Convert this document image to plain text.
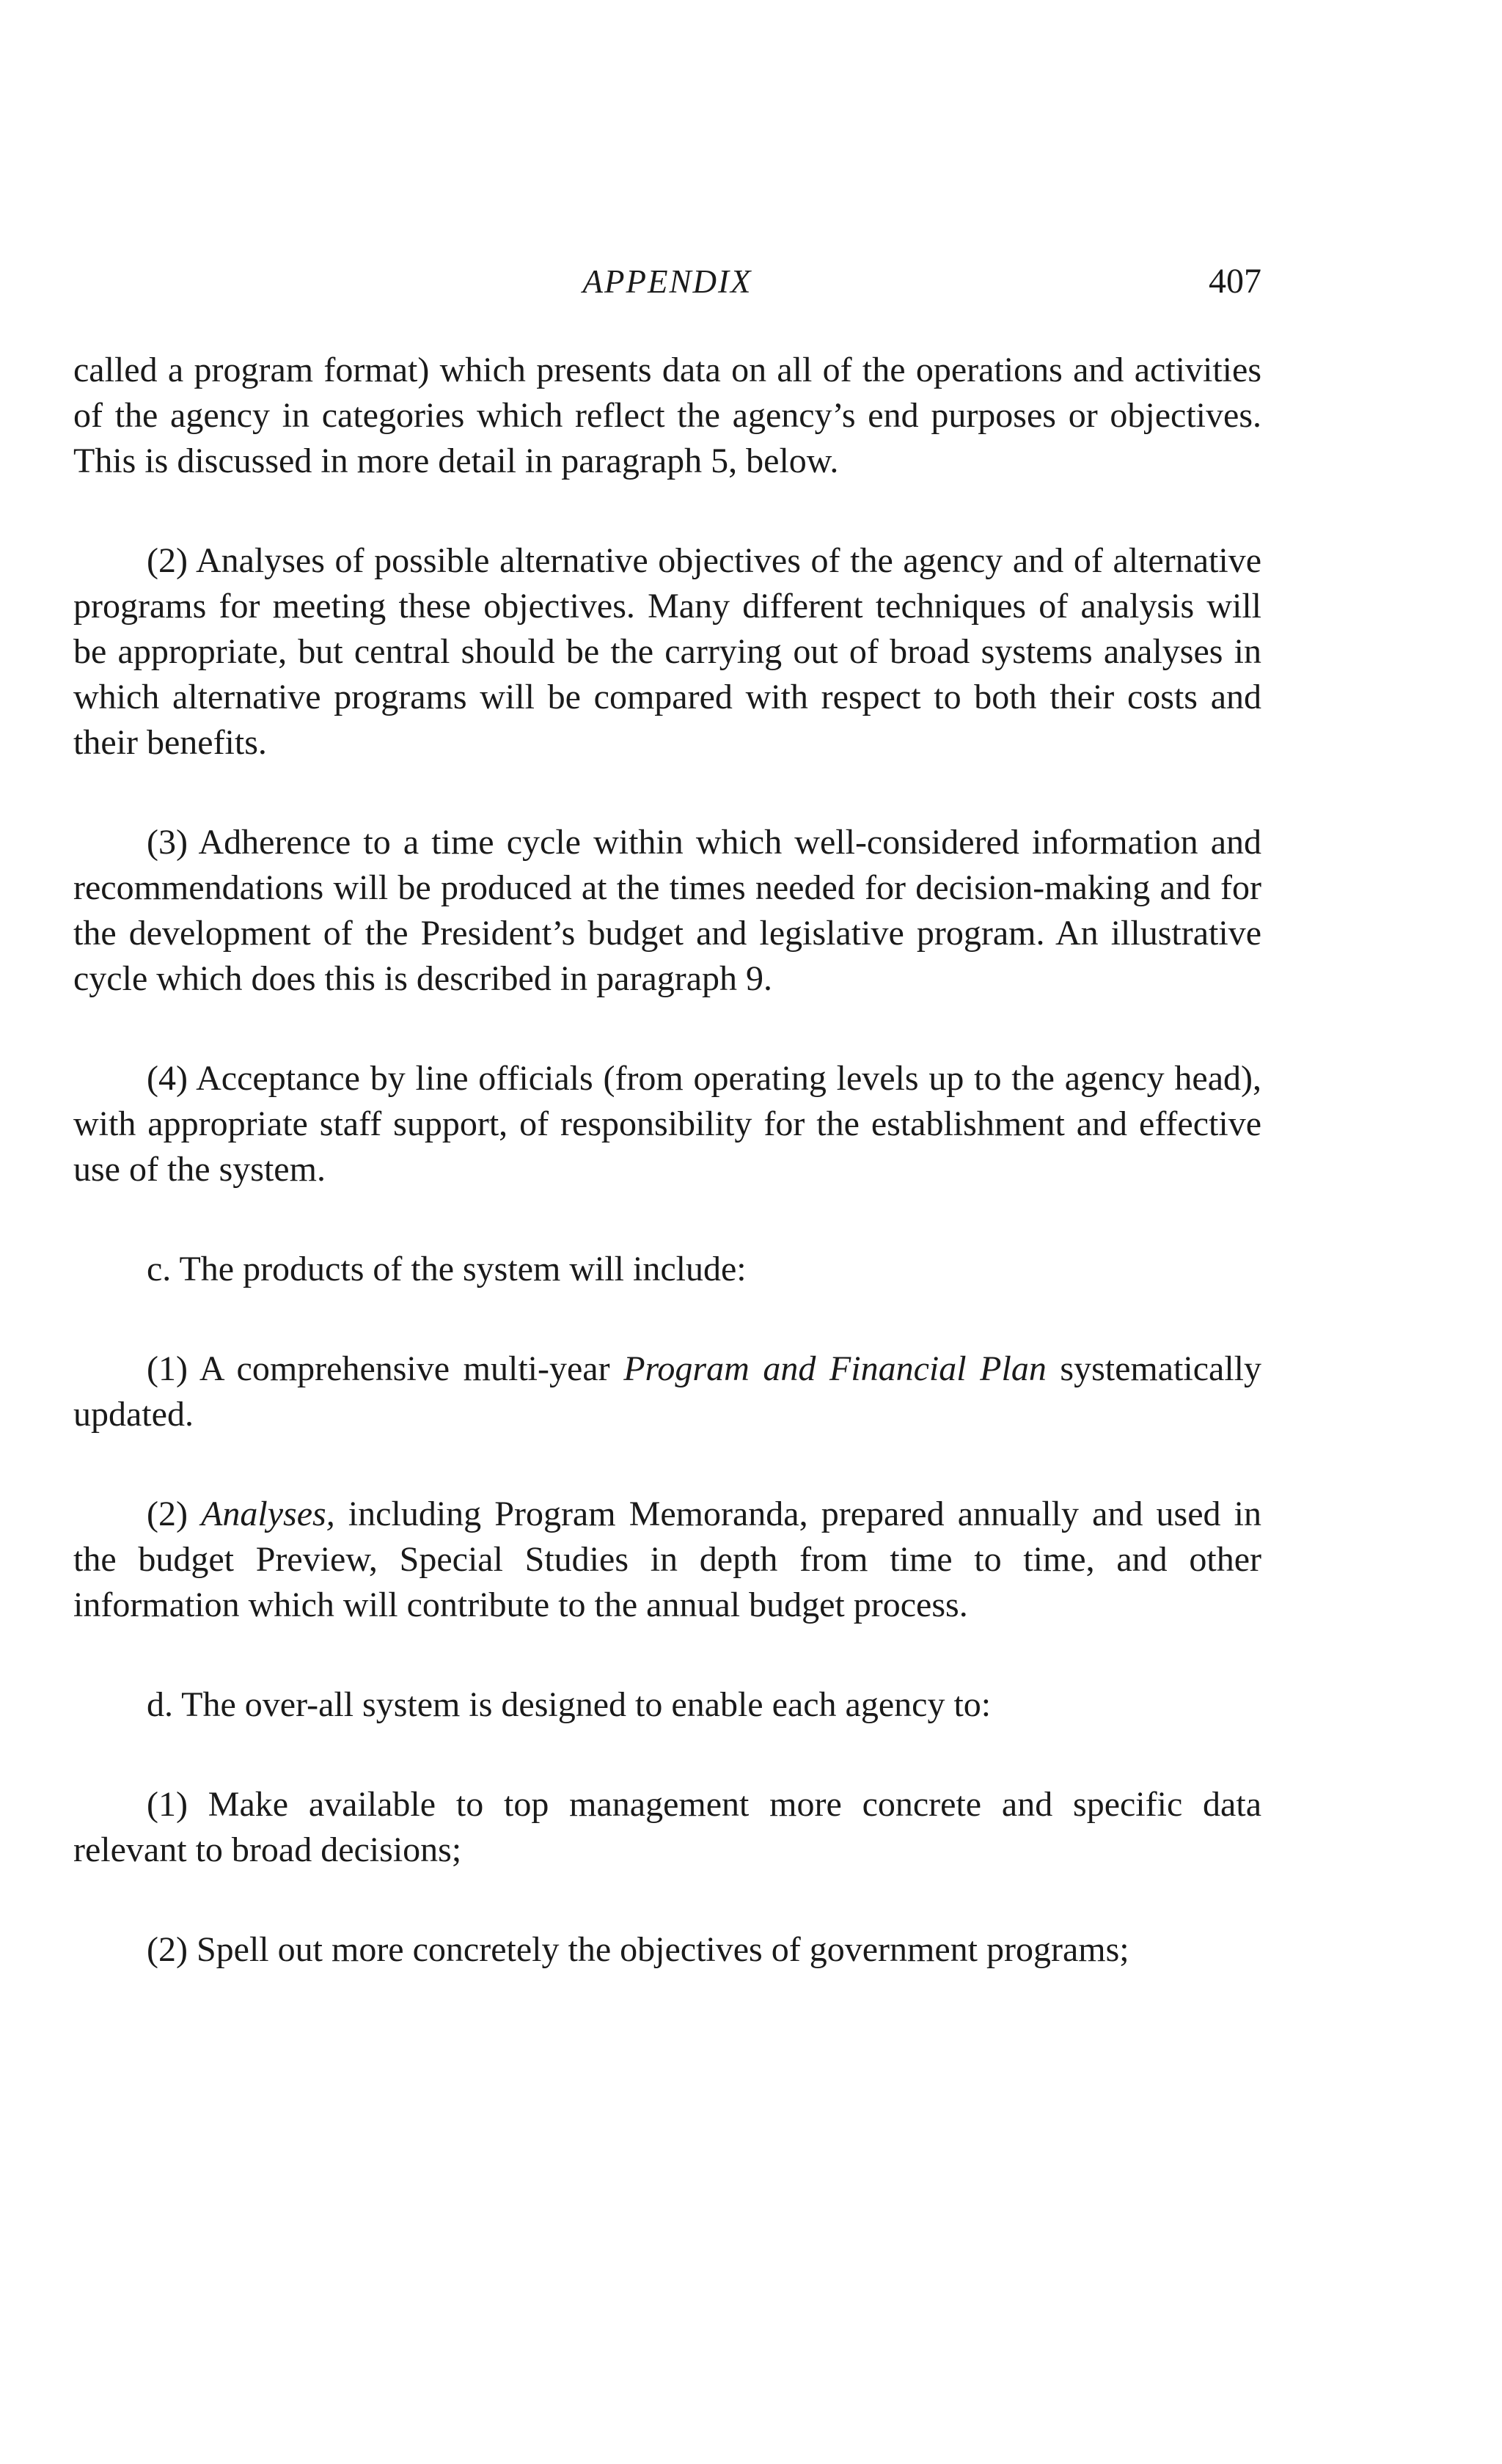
APPENDIX	407

called a program format) which presents data on all of the operations and activities of the agency in categories which reflect the agency’s end purposes or objectives. This is discussed in more detail in paragraph 5, below.

(2) Analyses of possible alternative objectives of the agency and of alternative programs for meeting these objectives. Many different techniques of analysis will be appropriate, but central should be the carrying out of broad systems analyses in which alternative programs will be compared with respect to both their costs and their benefits.

(3) Adherence to a time cycle within which well-considered information and recommendations will be produced at the times needed for decision-making and for the development of the President’s budget and legislative program. An illustrative cycle which does this is described in paragraph 9.

(4) Acceptance by line officials (from operating levels up to the agency head), with appropriate staff support, of responsibility for the establishment and effective use of the system.

c. The products of the system will include:

(1) A comprehensive multi-year Program and Financial Plan systematically updated.

(2) Analyses, including Program Memoranda, prepared annually and used in the budget Preview, Special Studies in depth from time to time, and other information which will contribute to the annual budget process.

d. The over-all system is designed to enable each agency to:

(1) Make available to top management more concrete and specific data relevant to broad decisions;

(2) Spell out more concretely the objectives of government programs;
